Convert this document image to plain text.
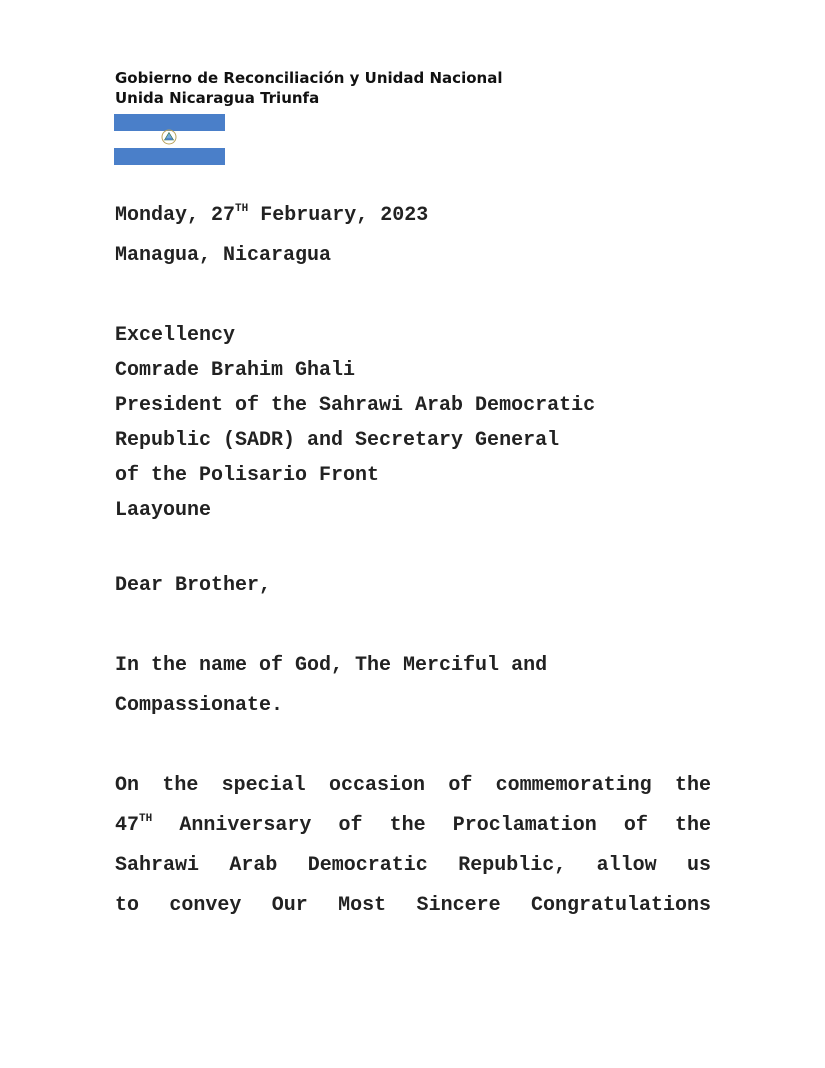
Gobierno de Reconciliación y Unidad Nacional
Unida Nicaragua Triunfa
Monday, 27TH February, 2023
Managua, Nicaragua
Excellency
Comrade Brahim Ghali
President of the Sahrawi Arab Democratic
Republic (SADR) and Secretary General
of the Polisario Front
Laayoune
Dear Brother,
In the name of God, The Merciful and
Compassionate.
On the special occasion of commemorating the
47TH Anniversary of the Proclamation of the
Sahrawi Arab Democratic Republic, allow us
to convey Our Most Sincere Congratulations
